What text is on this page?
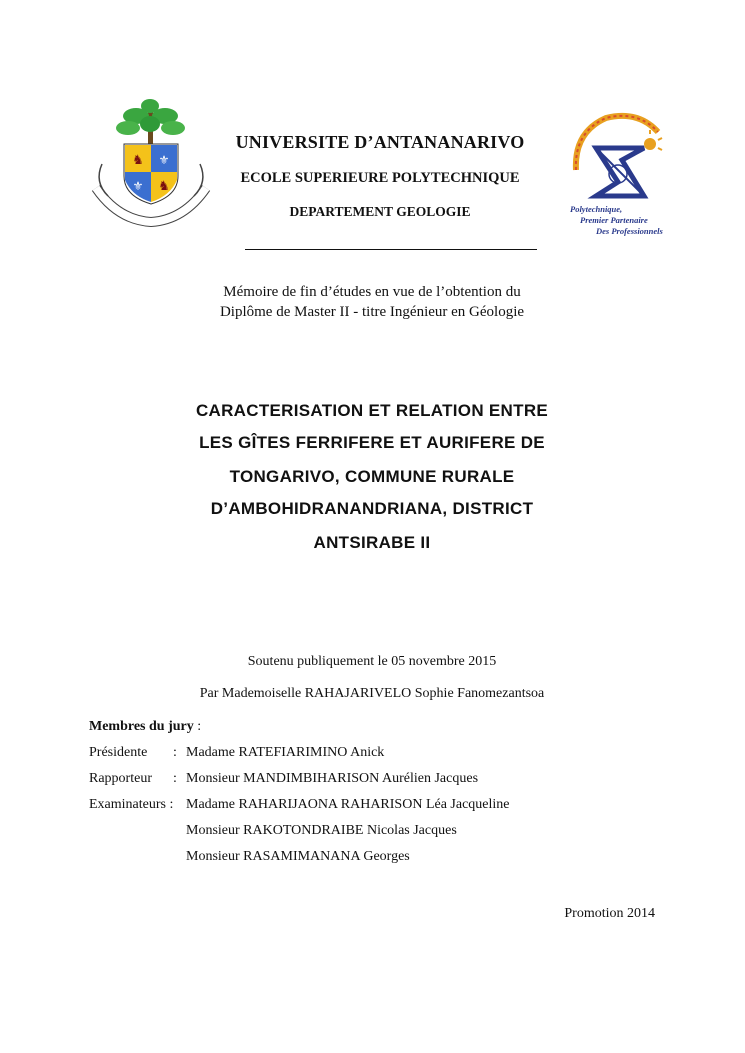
♞ ⚜
⚜ ♞
Polytechnique,
Premier Partenaire
Des Professionnels
UNIVERSITE D’ANTANANARIVO
ECOLE SUPERIEURE POLYTECHNIQUE
DEPARTEMENT GEOLOGIE
Mémoire de fin d’études en vue de l’obtention du
Diplôme de Master II - titre Ingénieur en Géologie
CARACTERISATION ET RELATION ENTRE
LES GÎTES FERRIFERE ET AURIFERE DE
TONGARIVO, COMMUNE RURALE
D’AMBOHIDRANANDRIANA, DISTRICT
ANTSIRABE II
Soutenu publiquement le 05 novembre 2015
Par Mademoiselle RAHAJARIVELO Sophie Fanomezantsoa
Membres du jury :
Présidente :
Rapporteur :
Examinateurs :
Madame RATEFIARIMINO Anick
Monsieur MANDIMBIHARISON Aurélien Jacques
Madame RAHARIJAONA RAHARISON Léa Jacqueline
Monsieur RAKOTONDRAIBE Nicolas Jacques
Monsieur RASAMIMANANA Georges
Promotion 2014
